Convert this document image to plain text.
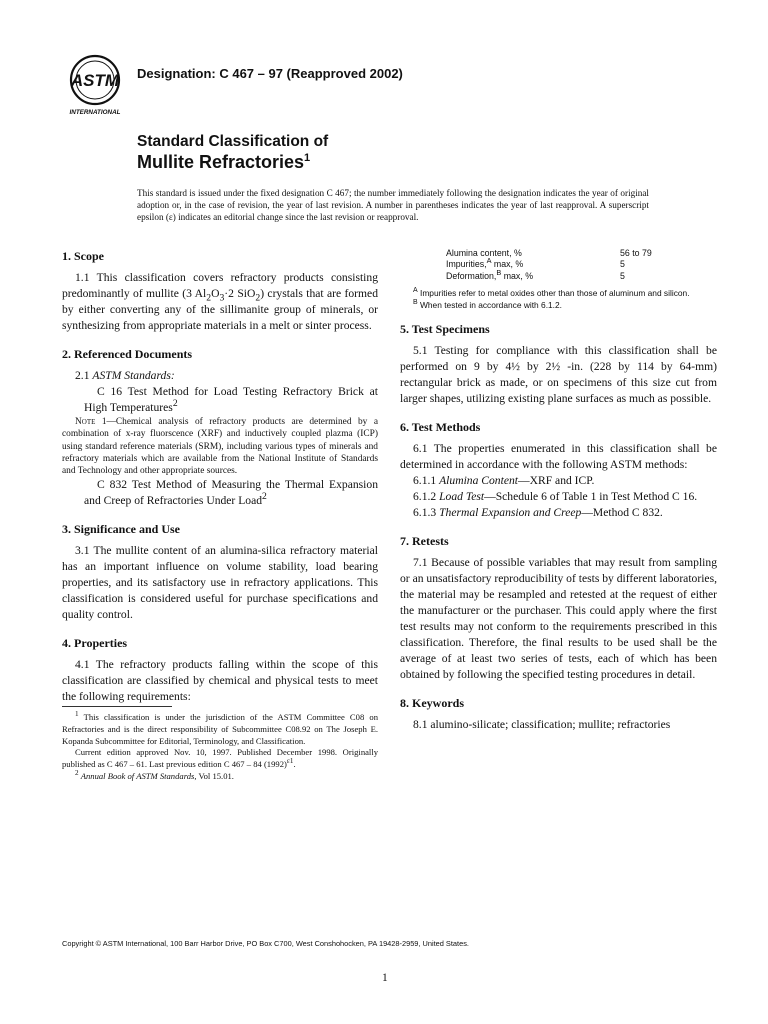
ASTM
INTERNATIONAL
Designation: C 467 – 97 (Reapproved 2002)
Standard Classification of
Mullite Refractories$^1$
This standard is issued under the fixed designation C 467; the number immediately following the designation indicates the year of original adoption or, in the case of revision, the year of last revision. A number in parentheses indicates the year of last reapproval. A superscript epsilon (ε) indicates an editorial change since the last revision or reapproval.
1. Scope

1.1 This classification covers refractory products consisting predominantly of mullite (3 $Al_2O_3\cdot 2$ SiO$_2$) crystals that are formed by either converting any of the sillimanite group of minerals, or synthesizing from appropriate materials in a melt or sinter process.

2. Referenced Documents

2.1 ASTM Standards:

C 16 Test Method for Load Testing Refractory Brick at High Temperatures$^2$

Note 1—Chemical analysis of refractory products are determined by a combination of x-ray fluorscence (XRF) and inductively coupled plazma (ICP) using standard reference materials (SRM), including various types of minerals and refractory materials which are available from the National Institute of Standards and Technology and other appropriate sources.

C 832 Test Method of Measuring the Thermal Expansion and Creep of Refractories Under Load$^2$

3. Significance and Use

3.1 The mullite content of an alumina-silica refractory material has an important influence on volume stability, load bearing properties, and its satisfactory use in refractory applications. This classification is considered useful for purchase specifications and quality control.

4. Properties

4.1 The refractory products falling within the scope of this classification are classified by chemical and physical tests to meet the following requirements:

$^1$ This classification is under the jurisdiction of the ASTM Committee C08 on Refractories and is the direct responsibility of Subcommittee C08.92 on The Joseph E. Kopanda Subcommittee for Editorial, Terminology, and Classification.

Current edition approved Nov. 10, 1997. Published December 1998. Originally published as C 467 – 61. Last previous edition C 467 – 84 $(1992)^{\varepsilon 1}$.

$^2$ Annual Book of ASTM Standards, Vol 15.01.

Alumina content, %	56 to 79
Impurities,$^A$ max, %	5
Deformation,$^B$ max, %	5

$^A$ Impurities refer to metal oxides other than those of aluminum and silicon.

$^B$ When tested in accordance with 6.1.2.

5. Test Specimens

5.1 Testing for compliance with this classification shall be performed on 9 by 4½ by 2½ -in. (228 by 114 by 64-mm) rectangular brick as made, or on specimens of this size cut from larger shapes, utilizing existing plane surfaces as much as possible.

6. Test Methods

6.1 The properties enumerated in this classification shall be determined in accordance with the following ASTM methods:

6.1.1 Alumina Content—XRF and ICP.

6.1.2 Load Test—Schedule 6 of Table 1 in Test Method C 16.

6.1.3 Thermal Expansion and Creep—Method C 832.

7. Retests

7.1 Because of possible variables that may result from sampling or an unsatisfactory reproducibility of tests by different laboratories, the material may be resampled and retested at the request of either the manufacturer or the purchaser. This could apply where the first test results may not conform to the requirements prescribed in this classification. Therefore, the final results to be used shall be the average of at least two series of tests, each of which has been obtained by following the specified testing procedures in detail.

8. Keywords

8.1 alumino-silicate; classification; mullite; refractories

Copyright © ASTM International, 100 Barr Harbor Drive, PO Box C700, West Conshohocken, PA 19428-2959, United States.
1
